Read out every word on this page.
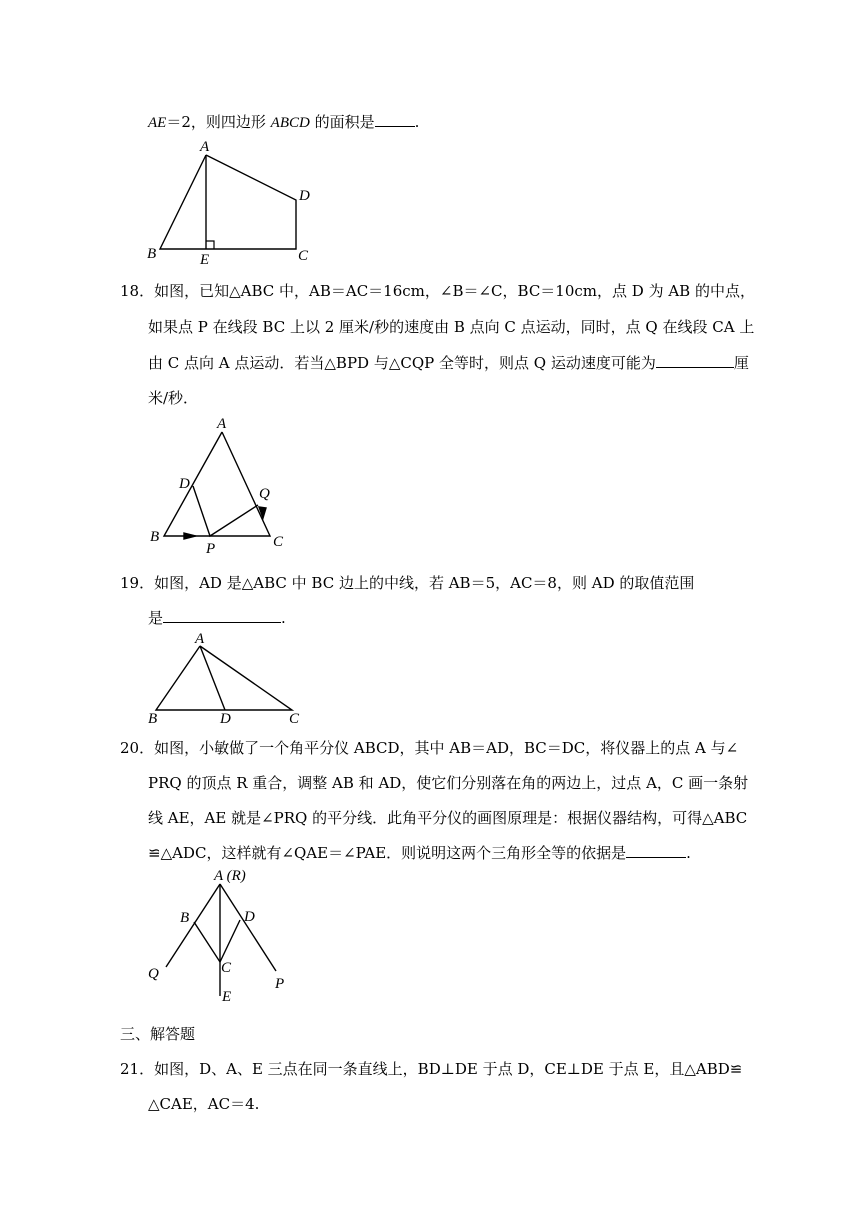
AE＝2，则四边形 ABCD 的面积是	.
A
B	C
D
E
18．如图，已知△ABC 中，AB＝AC＝16cm，∠B＝∠C，BC＝10cm，点 D 为 AB 的中点，
如果点 P 在线段 BC 上以 2 厘米/秒的速度由 B 点向 C 点运动，同时，点 Q 在线段 CA 上
由 C 点向 A 点运动．若当△BPD 与△CQP 全等时，则点 Q 运动速度可能为	厘
米/秒．
A
B	C
D
P
Q
19．如图，AD 是△ABC 中 BC 边上的中线，若 AB＝5，AC＝8，则 AD 的取值范围
是	.
A
B	C
D
20．如图，小敏做了一个角平分仪 ABCD，其中 AB＝AD，BC＝DC，将仪器上的点 A 与∠
PRQ 的顶点 R 重合，调整 AB 和 AD，使它们分别落在角的两边上，过点 A，C 画一条射
线 AE，AE 就是∠PRQ 的平分线．此角平分仪的画图原理是：根据仪器结构，可得△ABC
≌△ADC，这样就有∠QAE＝∠PAE．则说明这两个三角形全等的依据是	.
A (R)
B
C
D
E
P
Q
三、解答题
21．如图，D、A、E 三点在同一条直线上，BD⊥DE 于点 D，CE⊥DE 于点 E，且△ABD≌
△CAE，AC＝4.
